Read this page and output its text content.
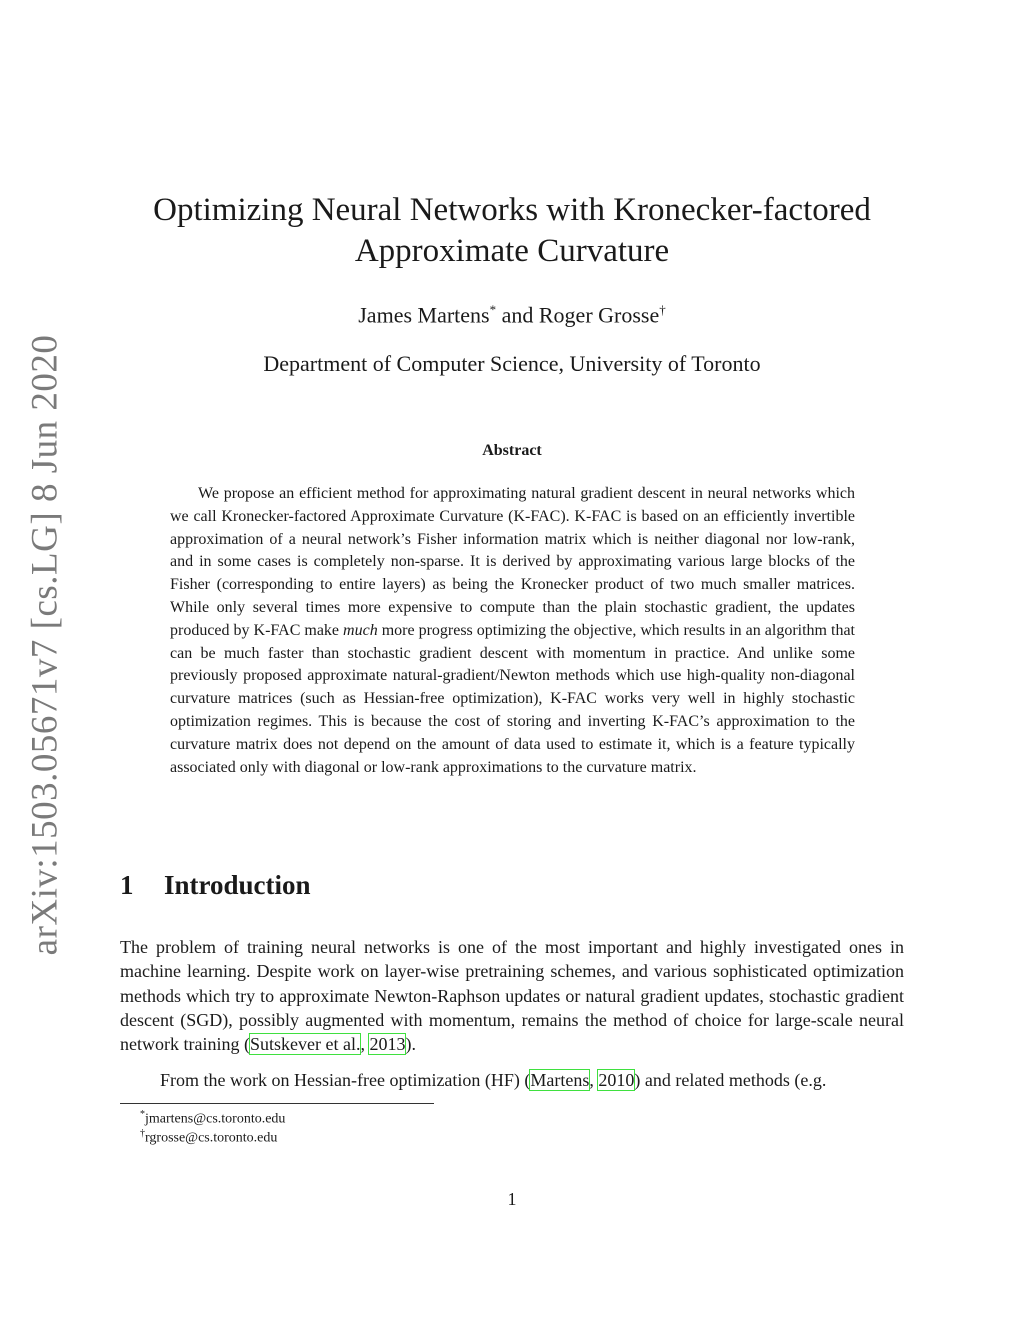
arXiv:1503.05671v7 [cs.LG] 8 Jun 2020
Optimizing Neural Networks with Kronecker-factored
Approximate Curvature
James Martens* and Roger Grosse†
Department of Computer Science, University of Toronto
Abstract

We propose an efficient method for approximating natural gradient descent in neural networks which we call Kronecker-factored Approximate Curvature (K-FAC). K-FAC is based on an efficiently invertible approximation of a neural network’s Fisher information matrix which is neither diagonal nor low-rank, and in some cases is completely non-sparse. It is derived by approximating various large blocks of the Fisher (corresponding to entire layers) as being the Kronecker product of two much smaller matrices. While only several times more expensive to compute than the plain stochastic gradient, the updates produced by K-FAC make much more progress optimizing the objective, which results in an algorithm that can be much faster than stochastic gradient descent with momentum in practice. And unlike some previously proposed approximate natural-gradient/Newton methods which use high-quality non-diagonal curvature matrices (such as Hessian-free optimization), K-FAC works very well in highly stochastic optimization regimes. This is because the cost of storing and inverting K-FAC’s approximation to the curvature matrix does not depend on the amount of data used to estimate it, which is a feature typically associated only with diagonal or low-rank approximations to the curvature matrix.

1 Introduction

The problem of training neural networks is one of the most important and highly investigated ones in machine learning. Despite work on layer-wise pretraining schemes, and various sophisticated optimization methods which try to approximate Newton-Raphson updates or natural gradient updates, stochastic gradient descent (SGD), possibly augmented with momentum, remains the method of choice for large-scale neural network training (Sutskever et al., 2013).

From the work on Hessian-free optimization (HF) (Martens, 2010) and related methods (e.g.

*jmartens@cs.toronto.edu
†rgrosse@cs.toronto.edu
1
